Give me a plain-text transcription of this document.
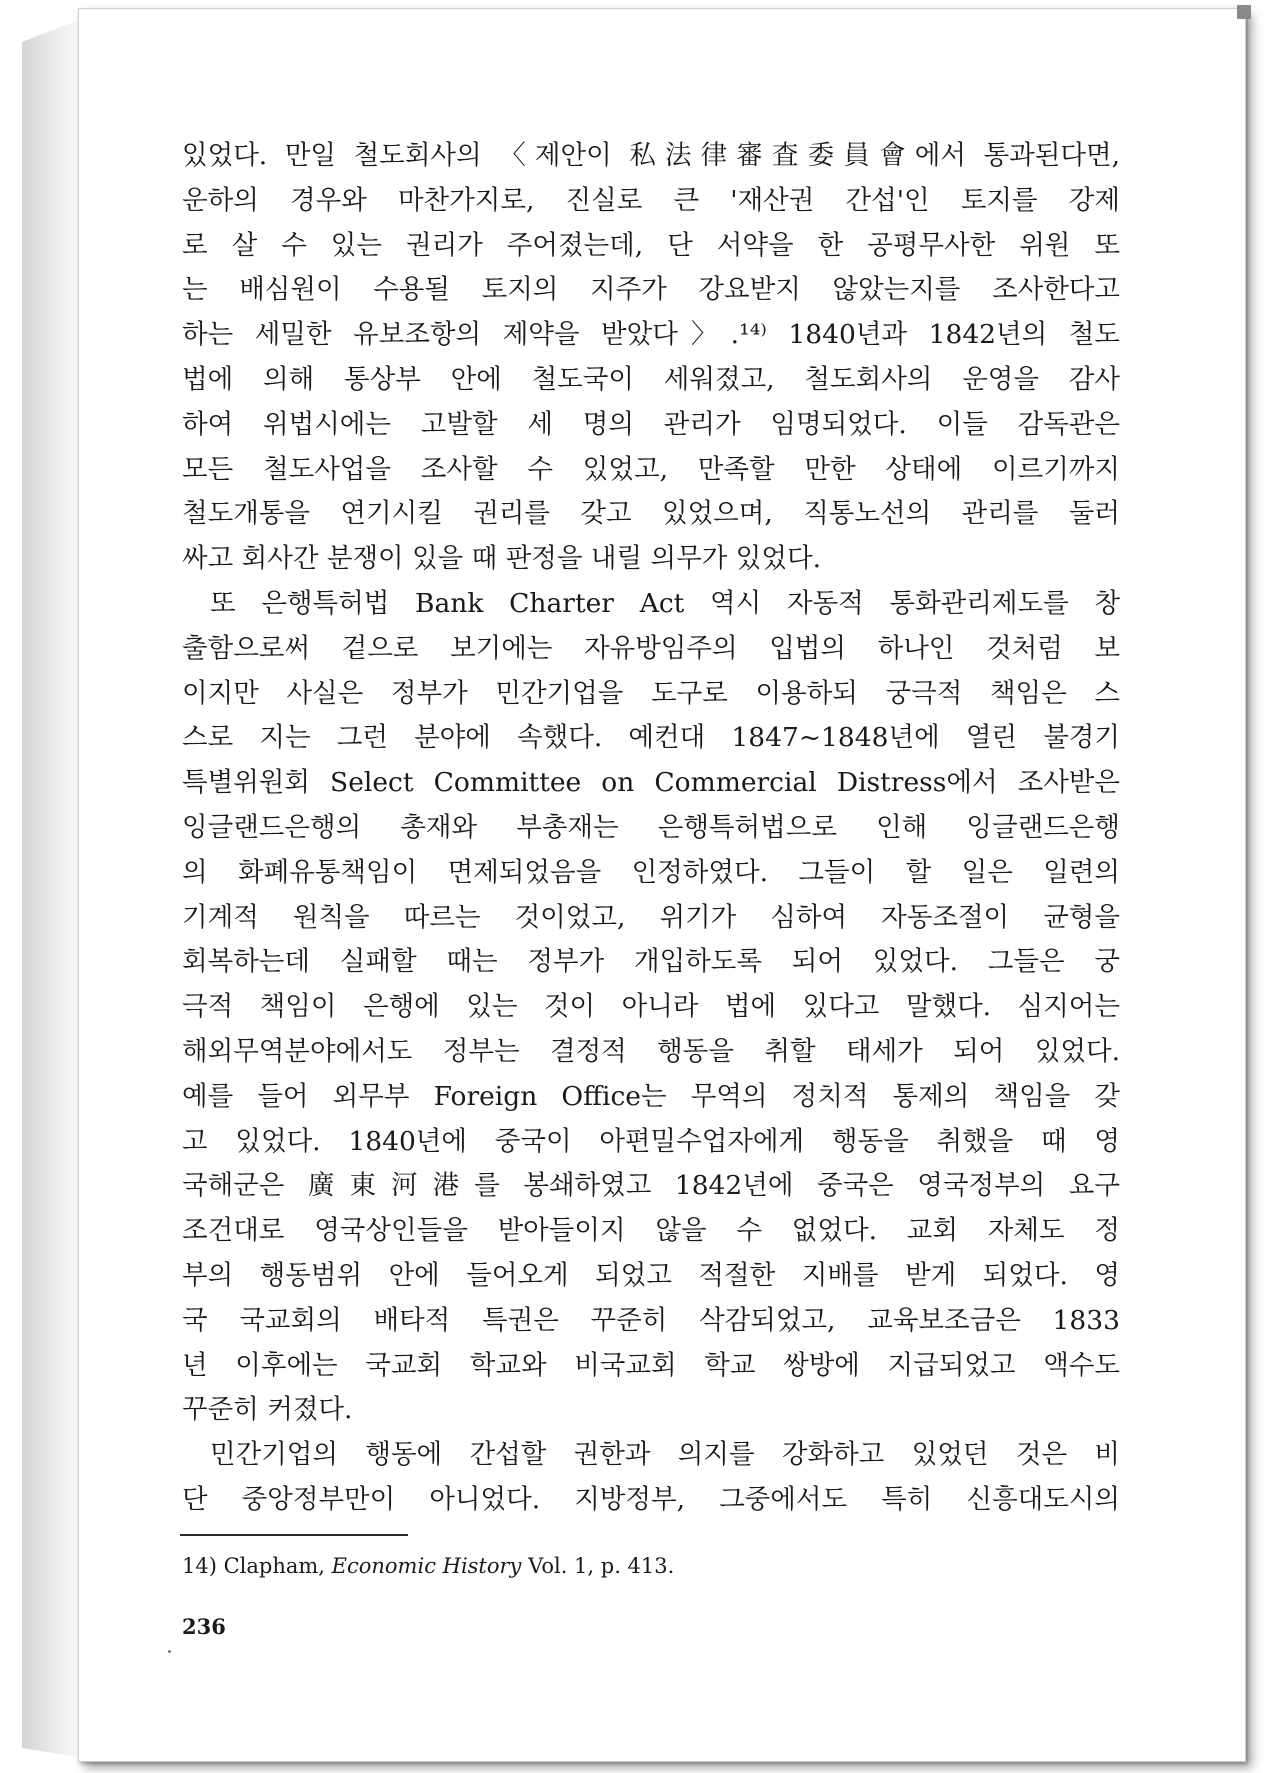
있었다. 만일 철도회사의 〈제안이 私法律審査委員會에서 통과된다면,
운하의 경우와 마찬가지로, 진실로 큰 '재산권 간섭'인 토지를 강제
로 살 수 있는 권리가 주어졌는데, 단 서약을 한 공평무사한 위원 또
는 배심원이 수용될 토지의 지주가 강요받지 않았는지를 조사한다고
하는 세밀한 유보조항의 제약을 받았다〉.¹⁴⁾ 1840년과 1842년의 철도
법에 의해 통상부 안에 철도국이 세워졌고, 철도회사의 운영을 감사
하여 위법시에는 고발할 세 명의 관리가 임명되었다. 이들 감독관은
모든 철도사업을 조사할 수 있었고, 만족할 만한 상태에 이르기까지
철도개통을 연기시킬 권리를 갖고 있었으며, 직통노선의 관리를 둘러
싸고 회사간 분쟁이 있을 때 판정을 내릴 의무가 있었다.
또 은행특허법 Bank Charter Act 역시 자동적 통화관리제도를 창
출함으로써 겉으로 보기에는 자유방임주의 입법의 하나인 것처럼 보
이지만 사실은 정부가 민간기업을 도구로 이용하되 궁극적 책임은 스
스로 지는 그런 분야에 속했다. 예컨대 1847~1848년에 열린 불경기
특별위원회 Select Committee on Commercial Distress에서 조사받은
잉글랜드은행의 총재와 부총재는 은행특허법으로 인해 잉글랜드은행
의 화폐유통책임이 면제되었음을 인정하였다. 그들이 할 일은 일련의
기계적 원칙을 따르는 것이었고, 위기가 심하여 자동조절이 균형을
회복하는데 실패할 때는 정부가 개입하도록 되어 있었다. 그들은 궁
극적 책임이 은행에 있는 것이 아니라 법에 있다고 말했다. 심지어는
해외무역분야에서도 정부는 결정적 행동을 취할 태세가 되어 있었다.
예를 들어 외무부 Foreign Office는 무역의 정치적 통제의 책임을 갖
고 있었다. 1840년에 중국이 아편밀수업자에게 행동을 취했을 때 영
국해군은 廣東河港를 봉쇄하였고 1842년에 중국은 영국정부의 요구
조건대로 영국상인들을 받아들이지 않을 수 없었다. 교회 자체도 정
부의 행동범위 안에 들어오게 되었고 적절한 지배를 받게 되었다. 영
국 국교회의 배타적 특권은 꾸준히 삭감되었고, 교육보조금은 1833
년 이후에는 국교회 학교와 비국교회 학교 쌍방에 지급되었고 액수도
꾸준히 커졌다.
민간기업의 행동에 간섭할 권한과 의지를 강화하고 있었던 것은 비
단 중앙정부만이 아니었다. 지방정부, 그중에서도 특히 신흥대도시의
14) Clapham, Economic History Vol. 1, p. 413.
236
